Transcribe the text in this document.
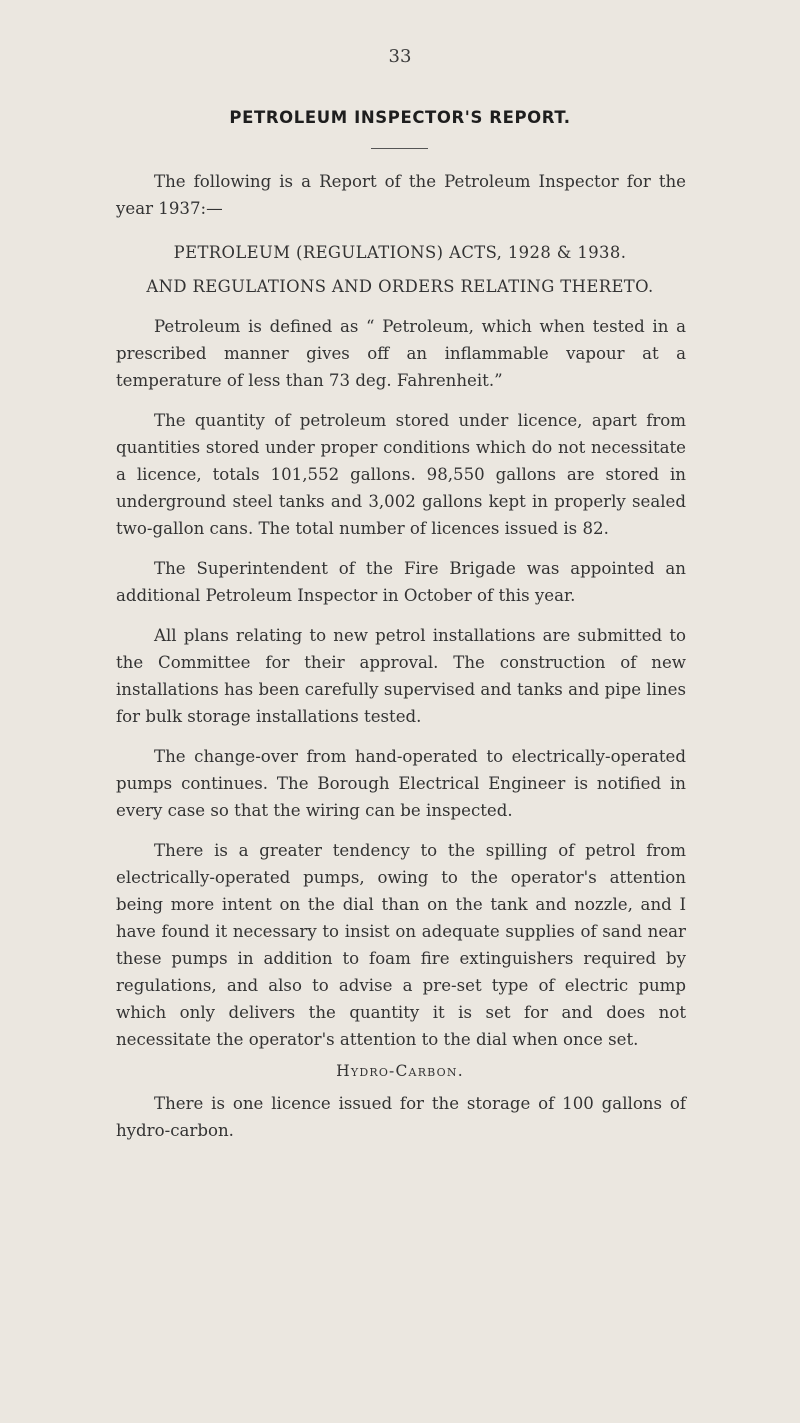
33
PETROLEUM INSPECTOR'S REPORT.

The following is a Report of the Petroleum Inspector for the year 1937:—

PETROLEUM (REGULATIONS) ACTS, 1928 & 1938.
AND REGULATIONS AND ORDERS RELATING THERETO.

Petroleum is defined as “ Petroleum, which when tested in a prescribed manner gives off an inflammable vapour at a temperature of less than 73 deg. Fahrenheit.”

The quantity of petroleum stored under licence, apart from quantities stored under proper conditions which do not necessitate a licence, totals 101,552 gallons. 98,550 gallons are stored in underground steel tanks and 3,002 gallons kept in properly sealed two-gallon cans. The total number of licences issued is 82.

The Superintendent of the Fire Brigade was appointed an additional Petroleum Inspector in October of this year.

All plans relating to new petrol installations are submitted to the Committee for their approval. The construction of new installations has been carefully supervised and tanks and pipe lines for bulk storage installations tested.

The change-over from hand-operated to electrically-operated pumps continues. The Borough Electrical Engineer is notified in every case so that the wiring can be inspected.

There is a greater tendency to the spilling of petrol from electrically-operated pumps, owing to the operator's attention being more intent on the dial than on the tank and nozzle, and I have found it necessary to insist on adequate supplies of sand near these pumps in addition to foam fire extinguishers required by regulations, and also to advise a pre-set type of electric pump which only delivers the quantity it is set for and does not necessitate the operator's attention to the dial when once set.

Hydro-Carbon.

There is one licence issued for the storage of 100 gallons of hydro-carbon.
